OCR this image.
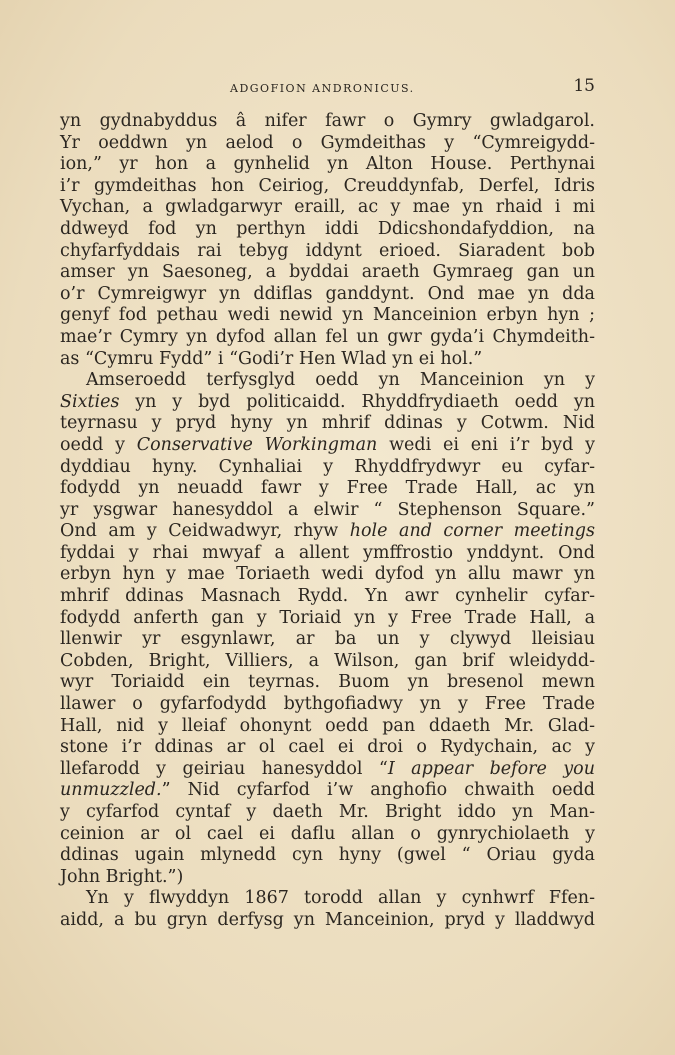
ADGOFION ANDRONICUS.	15
yn gydnabyddus â nifer fawr o Gymry gwladgarol.
Yr oeddwn yn aelod o Gymdeithas y “Cymreigydd-
ion,” yr hon a gynhelid yn Alton House. Perthynai
i’r gymdeithas hon Ceiriog, Creuddynfab, Derfel, Idris
Vychan, a gwladgarwyr eraill, ac y mae yn rhaid i mi
ddweyd fod yn perthyn iddi Ddicshondafyddion, na
chyfarfyddais rai tebyg iddynt erioed. Siaradent bob
amser yn Saesoneg, a byddai araeth Gymraeg gan un
o’r Cymreigwyr yn ddiflas ganddynt. Ond mae yn dda
genyf fod pethau wedi newid yn Manceinion erbyn hyn ;
mae’r Cymry yn dyfod allan fel un gwr gyda’i Chymdeith-
as “Cymru Fydd” i “Godi’r Hen Wlad yn ei hol.”
Amseroedd terfysglyd oedd yn Manceinion yn y
Sixties yn y byd politicaidd. Rhyddfrydiaeth oedd yn
teyrnasu y pryd hyny yn mhrif ddinas y Cotwm. Nid
oedd y Conservative Workingman wedi ei eni i’r byd y
dyddiau hyny. Cynhaliai y Rhyddfrydwyr eu cyfar-
fodydd yn neuadd fawr y Free Trade Hall, ac yn
yr ysgwar hanesyddol a elwir “ Stephenson Square.”
Ond am y Ceidwadwyr, rhyw hole and corner meetings
fyddai y rhai mwyaf a allent ymffrostio ynddynt. Ond
erbyn hyn y mae Toriaeth wedi dyfod yn allu mawr yn
mhrif ddinas Masnach Rydd. Yn awr cynhelir cyfar-
fodydd anferth gan y Toriaid yn y Free Trade Hall, a
llenwir yr esgynlawr, ar ba un y clywyd lleisiau
Cobden, Bright, Villiers, a Wilson, gan brif wleidydd-
wyr Toriaidd ein teyrnas. Buom yn bresenol mewn
llawer o gyfarfodydd bythgofiadwy yn y Free Trade
Hall, nid y lleiaf ohonynt oedd pan ddaeth Mr. Glad-
stone i’r ddinas ar ol cael ei droi o Rydychain, ac y
llefarodd y geiriau hanesyddol “I appear before you
unmuzzled.” Nid cyfarfod i’w anghofio chwaith oedd
y cyfarfod cyntaf y daeth Mr. Bright iddo yn Man-
ceinion ar ol cael ei daflu allan o gynrychiolaeth y
ddinas ugain mlynedd cyn hyny (gwel “ Oriau gyda
John Bright.”)
Yn y flwyddyn 1867 torodd allan y cynhwrf Ffen-
aidd, a bu gryn derfysg yn Manceinion, pryd y lladdwyd
